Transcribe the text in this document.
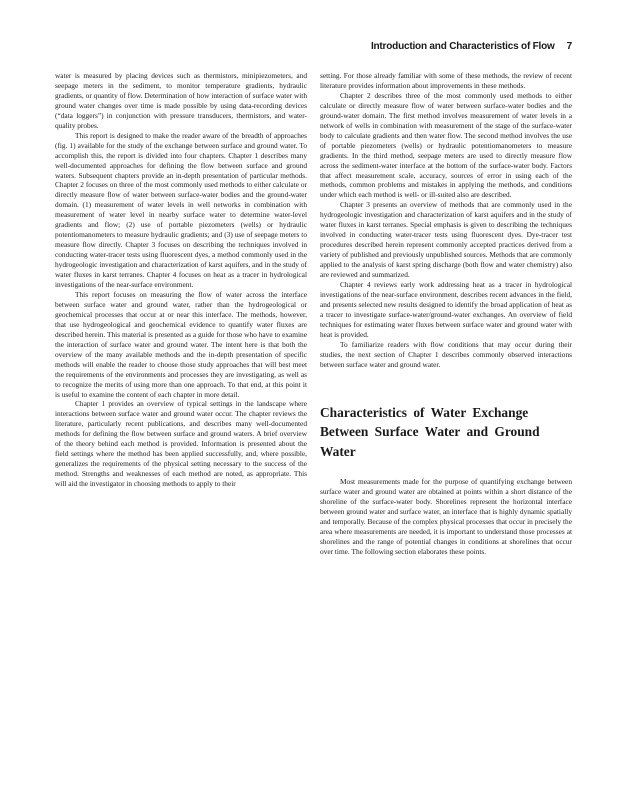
Introduction and Characteristics of Flow 7

water is measured by placing devices such as thermistors, minipiezometers, and seepage meters in the sediment, to monitor temperature gradients, hydraulic gradients, or quantity of flow. Determination of how interaction of surface water with ground water changes over time is made possible by using data-recording devices (“data loggers”) in conjunction with pressure transducers, thermistors, and water-quality probes.

This report is designed to make the reader aware of the breadth of approaches (fig. 1) available for the study of the exchange between surface and ground water. To accomplish this, the report is divided into four chapters. Chapter 1 describes many well-documented approaches for defining the flow between surface and ground waters. Subsequent chapters provide an in-depth presentation of particular methods. Chapter 2 focuses on three of the most commonly used methods to either calculate or directly measure flow of water between surface-water bodies and the ground-water domain. (1) measurement of water levels in well networks in combination with measurement of water level in nearby surface water to determine water-level gradients and flow; (2) use of portable piezometers (wells) or hydraulic potentiomanometers to measure hydraulic gradients; and (3) use of seepage meters to measure flow directly. Chapter 3 focuses on describing the techniques involved in conducting water-tracer tests using fluorescent dyes, a method commonly used in the hydrogeologic investigation and characterization of karst aquifers, and in the study of water fluxes in karst terranes. Chapter 4 focuses on heat as a tracer in hydrological investigations of the near-surface environment.

This report focuses on measuring the flow of water across the interface between surface water and ground water, rather than the hydrogeological or geochemical processes that occur at or near this interface. The methods, however, that use hydrogeological and geochemical evidence to quantify water fluxes are described herein. This material is presented as a guide for those who have to examine the interaction of surface water and ground water. The intent here is that both the overview of the many available methods and the in-depth presentation of specific methods will enable the reader to choose those study approaches that will best meet the requirements of the environments and processes they are investigating, as well as to recognize the merits of using more than one approach. To that end, at this point it is useful to examine the content of each chapter in more detail.

Chapter 1 provides an overview of typical settings in the landscape where interactions between surface water and ground water occur. The chapter reviews the literature, particularly recent publications, and describes many well-documented methods for defining the flow between surface and ground waters. A brief overview of the theory behind each method is provided. Information is presented about the field settings where the method has been applied successfully, and, where possible, generalizes the requirements of the physical setting necessary to the success of the method. Strengths and weaknesses of each method are noted, as appropriate. This will aid the investigator in choosing methods to apply to their

setting. For those already familiar with some of these methods, the review of recent literature provides information about improvements in these methods.

Chapter 2 describes three of the most commonly used methods to either calculate or directly measure flow of water between surface-water bodies and the ground-water domain. The first method involves measurement of water levels in a network of wells in combination with measurement of the stage of the surface-water body to calculate gradients and then water flow. The second method involves the use of portable piezometers (wells) or hydraulic potentiomanometers to measure gradients. In the third method, seepage meters are used to directly measure flow across the sediment-water interface at the bottom of the surface-water body. Factors that affect measurement scale, accuracy, sources of error in using each of the methods, common problems and mistakes in applying the methods, and conditions under which each method is well- or ill-suited also are described.

Chapter 3 presents an overview of methods that are commonly used in the hydrogeologic investigation and characterization of karst aquifers and in the study of water fluxes in karst terranes. Special emphasis is given to describing the techniques involved in conducting water-tracer tests using fluorescent dyes. Dye-tracer test procedures described herein represent commonly accepted practices derived from a variety of published and previously unpublished sources. Methods that are commonly applied to the analysis of karst spring discharge (both flow and water chemistry) also are reviewed and summarized.

Chapter 4 reviews early work addressing heat as a tracer in hydrological investigations of the near-surface environment, describes recent advances in the field, and presents selected new results designed to identify the broad application of heat as a tracer to investigate surface-water/ground-water exchanges. An overview of field techniques for estimating water fluxes between surface water and ground water with heat is provided.

To familiarize readers with flow conditions that may occur during their studies, the next section of Chapter 1 describes commonly observed interactions between surface water and ground water.

Characteristics of Water Exchange Between Surface Water and Ground Water

Most measurements made for the purpose of quantifying exchange between surface water and ground water are obtained at points within a short distance of the shoreline of the surface-water body. Shorelines represent the horizontal interface between ground water and surface water, an interface that is highly dynamic spatially and temporally. Because of the complex physical processes that occur in precisely the area where measurements are needed, it is important to understand those processes at shorelines and the range of potential changes in conditions at shorelines that occur over time. The following section elaborates these points.
